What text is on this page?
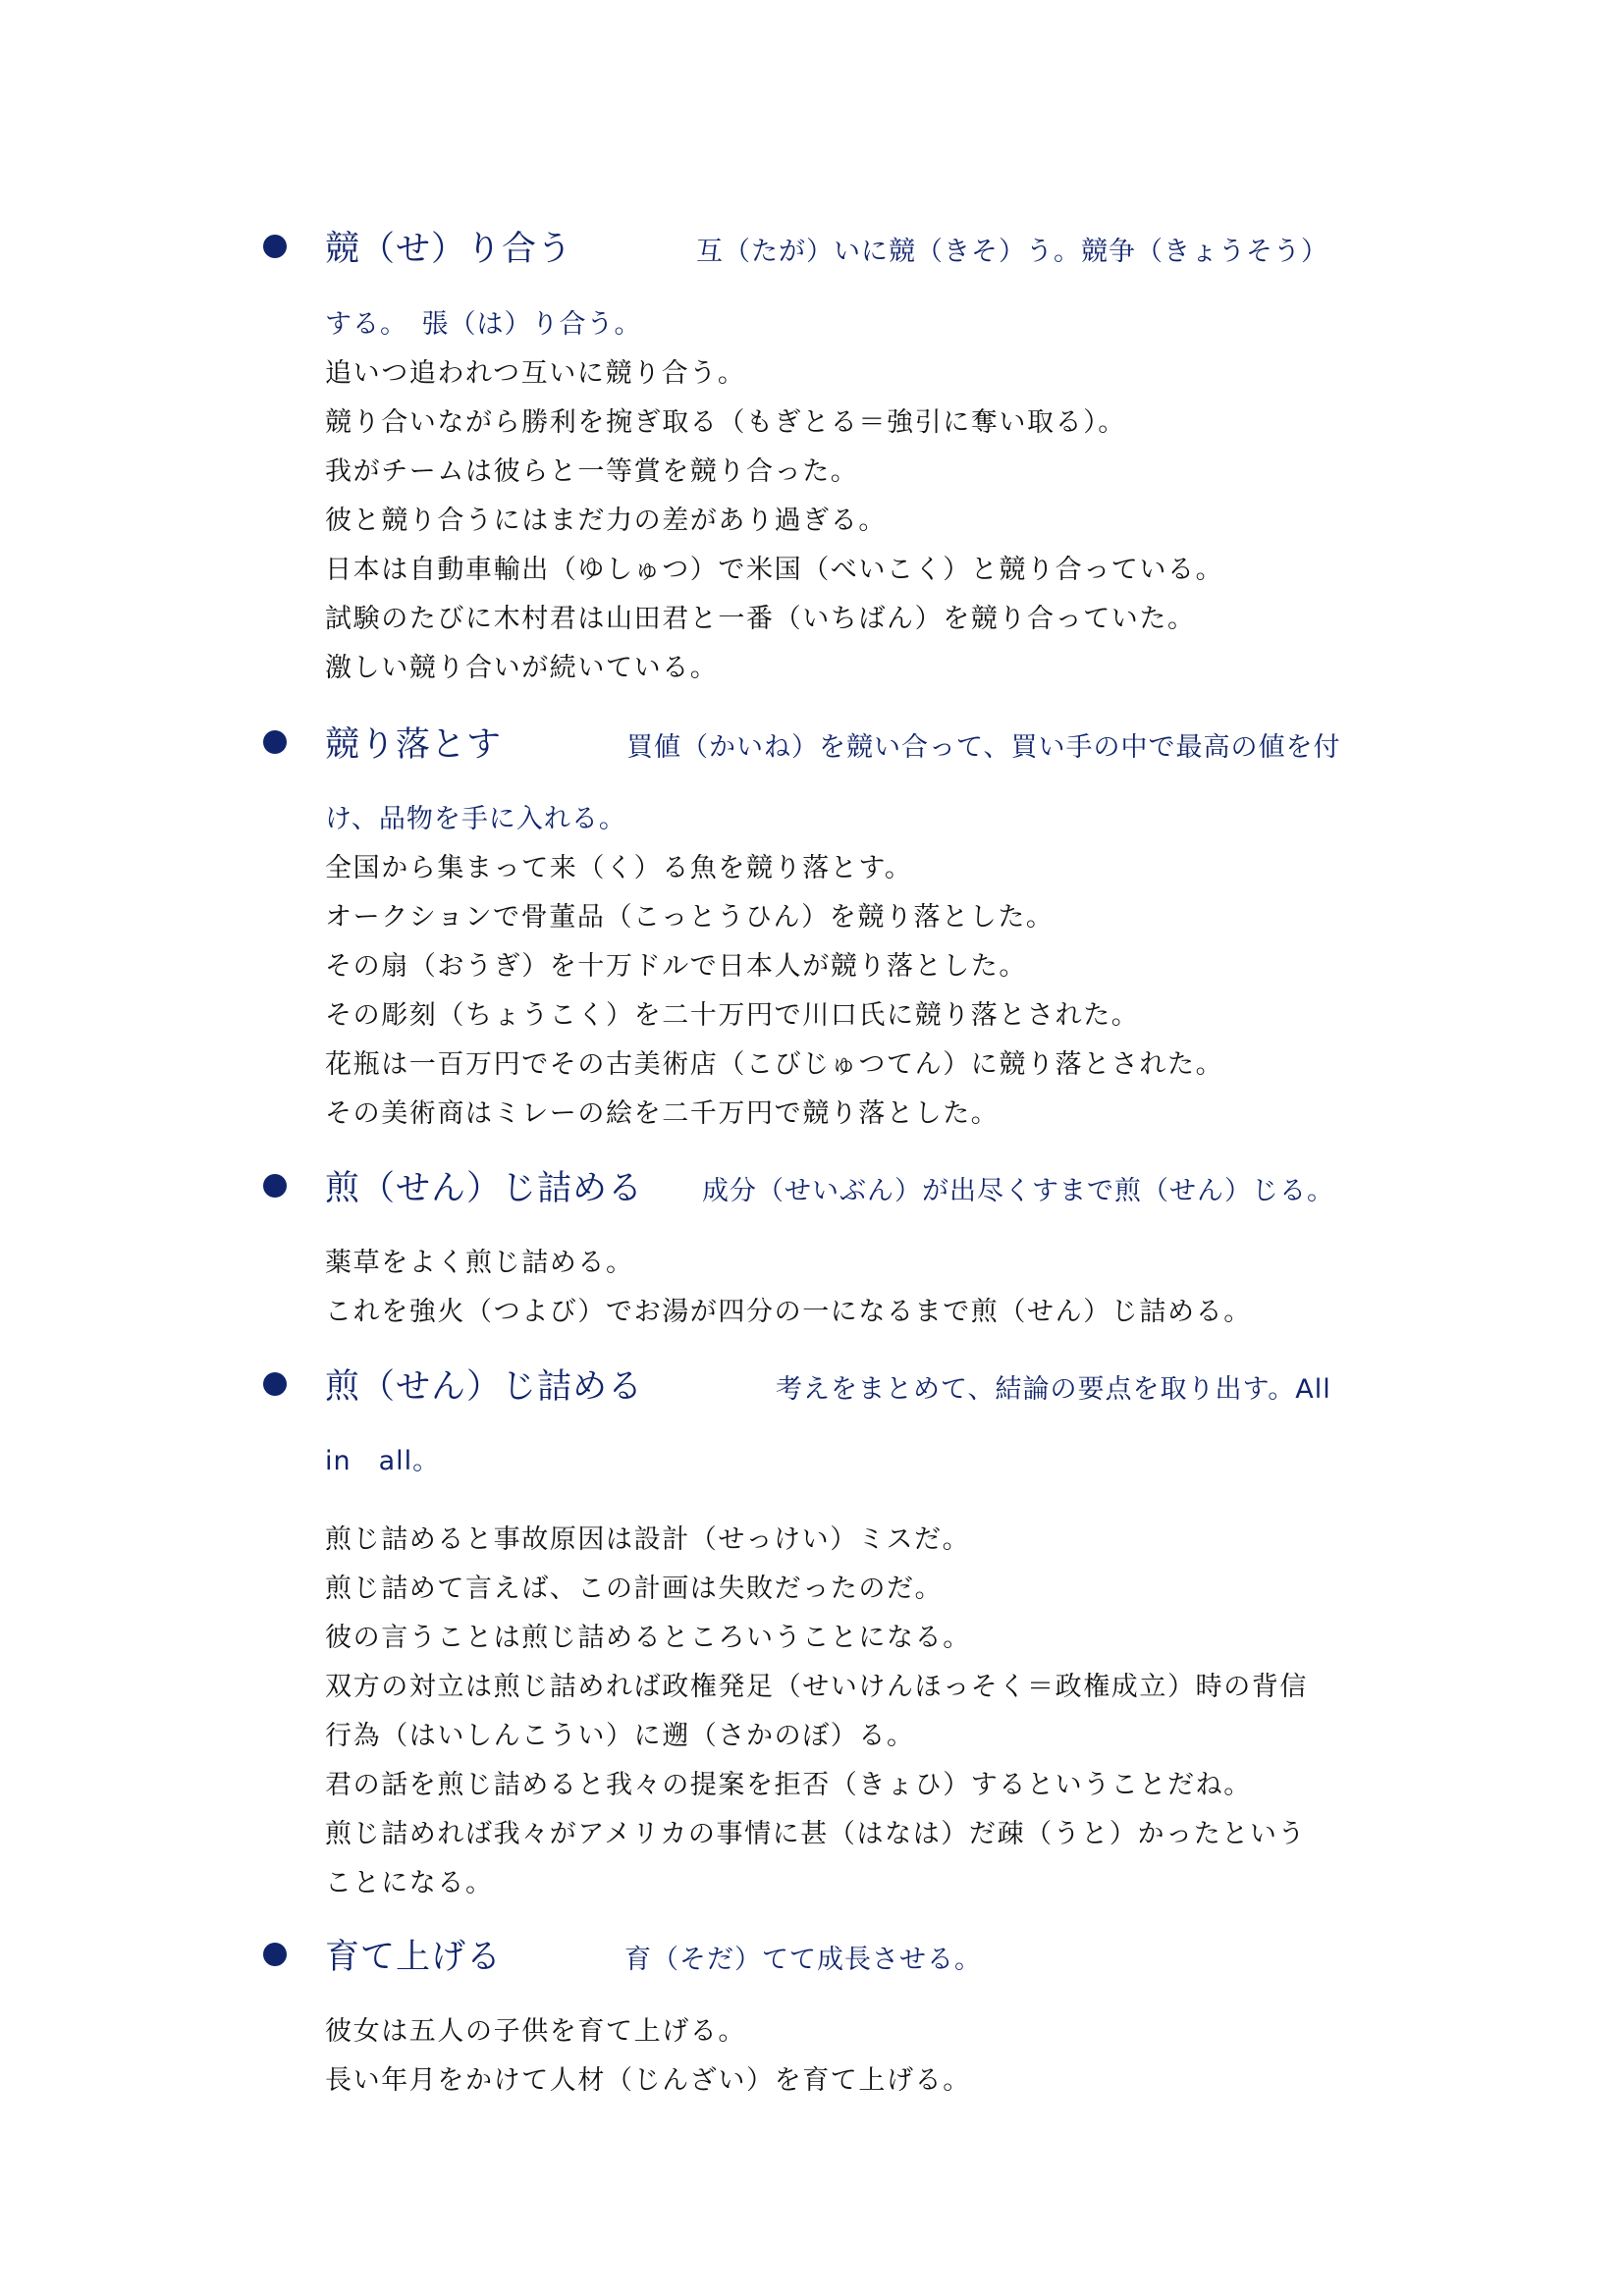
競（せ）り合う	互（たが）いに競（きそ）う。競争（きょうそう）
する。　張（は）り合う。
追いつ追われつ互いに競り合う。
競り合いながら勝利を捥ぎ取る（もぎとる＝強引に奪い取る）。
我がチームは彼らと一等賞を競り合った。
彼と競り合うにはまだ力の差があり過ぎる。
日本は自動車輸出（ゆしゅつ）で米国（べいこく）と競り合っている。
試験のたびに木村君は山田君と一番（いちばん）を競り合っていた。
激しい競り合いが続いている。
競り落とす	買値（かいね）を競い合って、買い手の中で最高の値を付
け、品物を手に入れる。
全国から集まって来（く）る魚を競り落とす。
オークションで骨董品（こっとうひん）を競り落とした。
その扇（おうぎ）を十万ドルで日本人が競り落とした。
その彫刻（ちょうこく）を二十万円で川口氏に競り落とされた。
花瓶は一百万円でその古美術店（こびじゅつてん）に競り落とされた。
その美術商はミレーの絵を二千万円で競り落とした。
煎（せん）じ詰める 成分（せいぶん）が出尽くすまで煎（せん）じる。
薬草をよく煎じ詰める。
これを強火（つよび）でお湯が四分の一になるまで煎（せん）じ詰める。
煎（せん）じ詰める	考えをまとめて、結論の要点を取り出す。All
in　all。
煎じ詰めると事故原因は設計（せっけい）ミスだ。
煎じ詰めて言えば、この計画は失敗だったのだ。
彼の言うことは煎じ詰めるところいうことになる。
双方の対立は煎じ詰めれば政権発足（せいけんほっそく＝政権成立）時の背信
行為（はいしんこうい）に遡（さかのぼ）る。
君の話を煎じ詰めると我々の提案を拒否（きょひ）するということだね。
煎じ詰めれば我々がアメリカの事情に甚（はなは）だ疎（うと）かったという
ことになる。
育て上げる	育（そだ）てて成長させる。
彼女は五人の子供を育て上げる。
長い年月をかけて人材（じんざい）を育て上げる。
